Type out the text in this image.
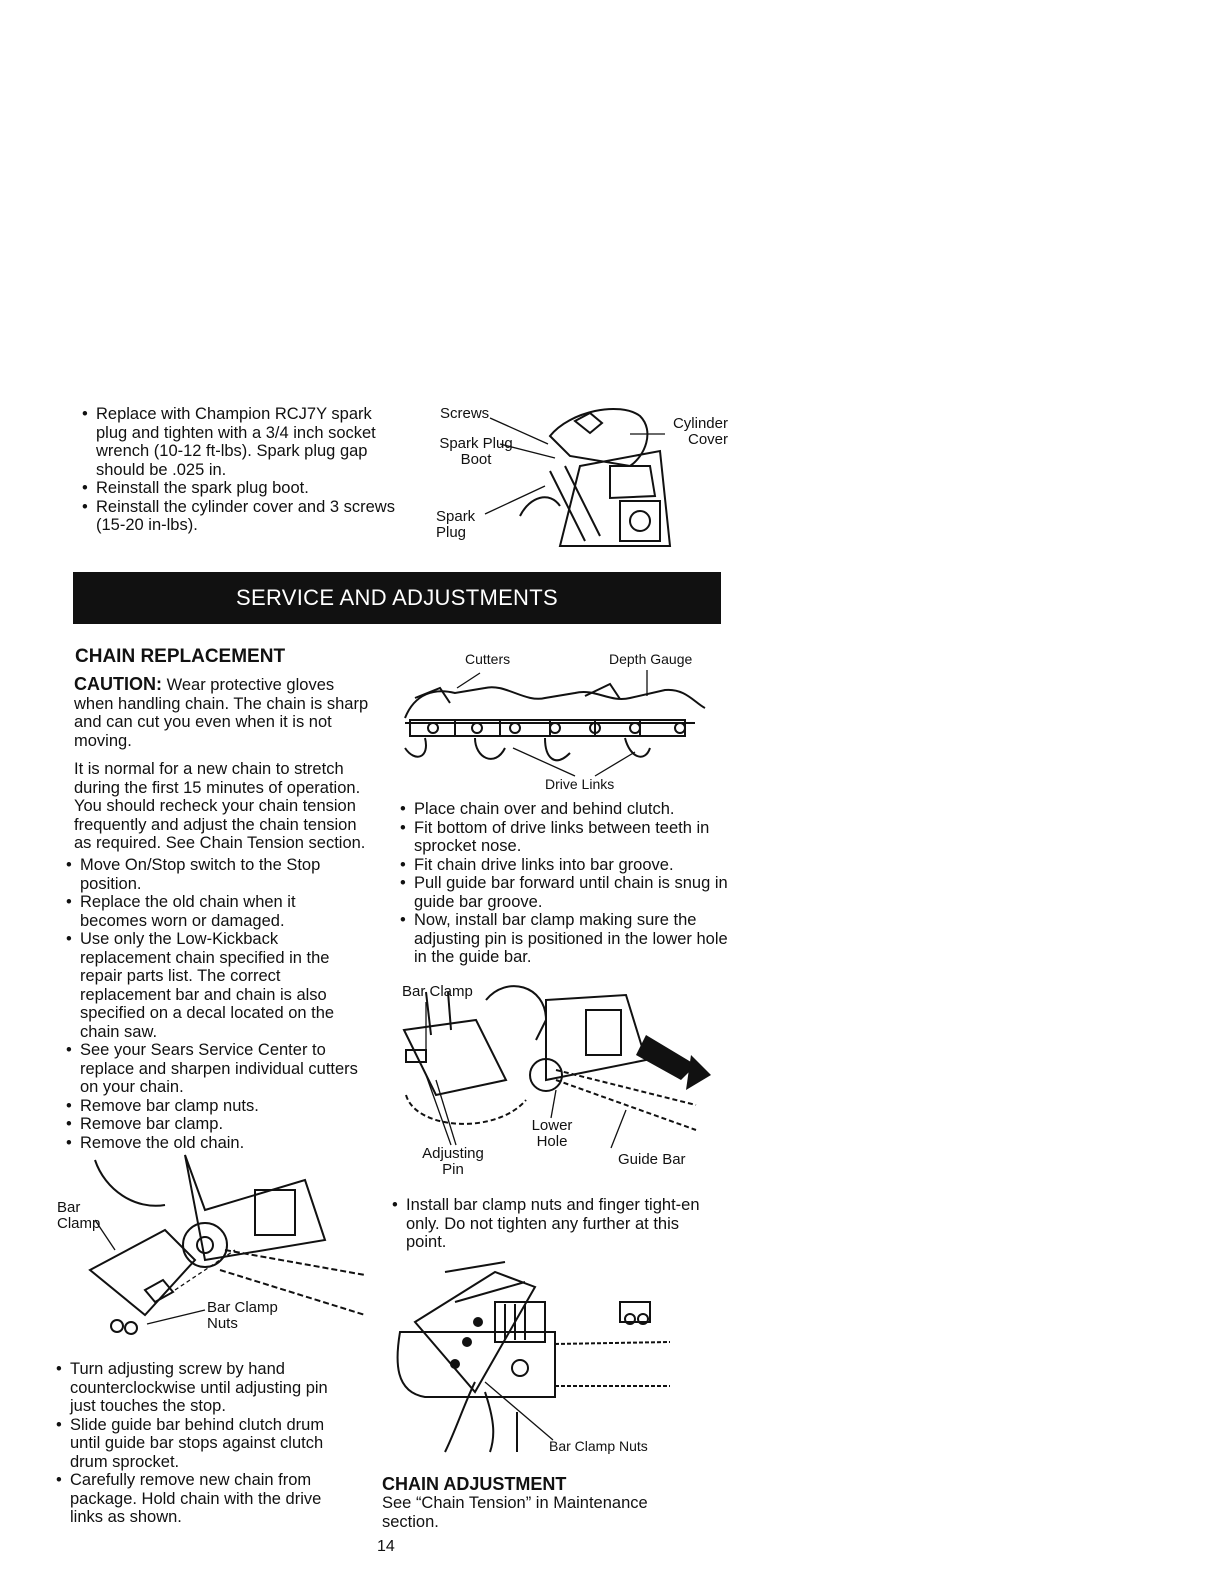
• Replace with Champion RCJ7Y spark plug and tighten with a 3/4 inch socket wrench (10-12 ft-lbs). Spark plug gap should be .025 in.
• Reinstall the spark plug boot.
• Reinstall the cylinder cover and 3 screws (15-20 in-lbs).
Screws
Spark Plug Boot
Spark Plug
Cylinder Cover
SERVICE AND ADJUSTMENTS
CHAIN REPLACEMENT
CAUTION: Wear protective gloves when handling chain. The chain is sharp and can cut you even when it is not moving.
It is normal for a new chain to stretch during the first 15 minutes of operation. You should recheck your chain tension frequently and adjust the chain tension as required. See Chain Tension section.
• Move On/Stop switch to the Stop position.
• Replace the old chain when it becomes worn or damaged.
• Use only the Low-Kickback replacement chain specified in the repair parts list. The correct replacement bar and chain is also specified on a decal located on the chain saw.
• See your Sears Service Center to replace and sharpen individual cutters on your chain.
• Remove bar clamp nuts.
• Remove bar clamp.
• Remove the old chain.
Bar Clamp
Bar Clamp Nuts
• Turn adjusting screw by hand counterclockwise until adjusting pin just touches the stop.
• Slide guide bar behind clutch drum until guide bar stops against clutch drum sprocket.
• Carefully remove new chain from package. Hold chain with the drive links as shown.
Cutters	Depth Gauge
Drive Links
• Place chain over and behind clutch.
• Fit bottom of drive links between teeth in sprocket nose.
• Fit chain drive links into bar groove.
• Pull guide bar forward until chain is snug in guide bar groove.
• Now, install bar clamp making sure the adjusting pin is positioned in the lower hole in the guide bar.
Bar Clamp
Lower Hole
Adjusting Pin
Guide Bar
• Install bar clamp nuts and finger tight-en only. Do not tighten any further at this point.
Bar Clamp Nuts
CHAIN ADJUSTMENT
See “Chain Tension” in Maintenance section.
14
